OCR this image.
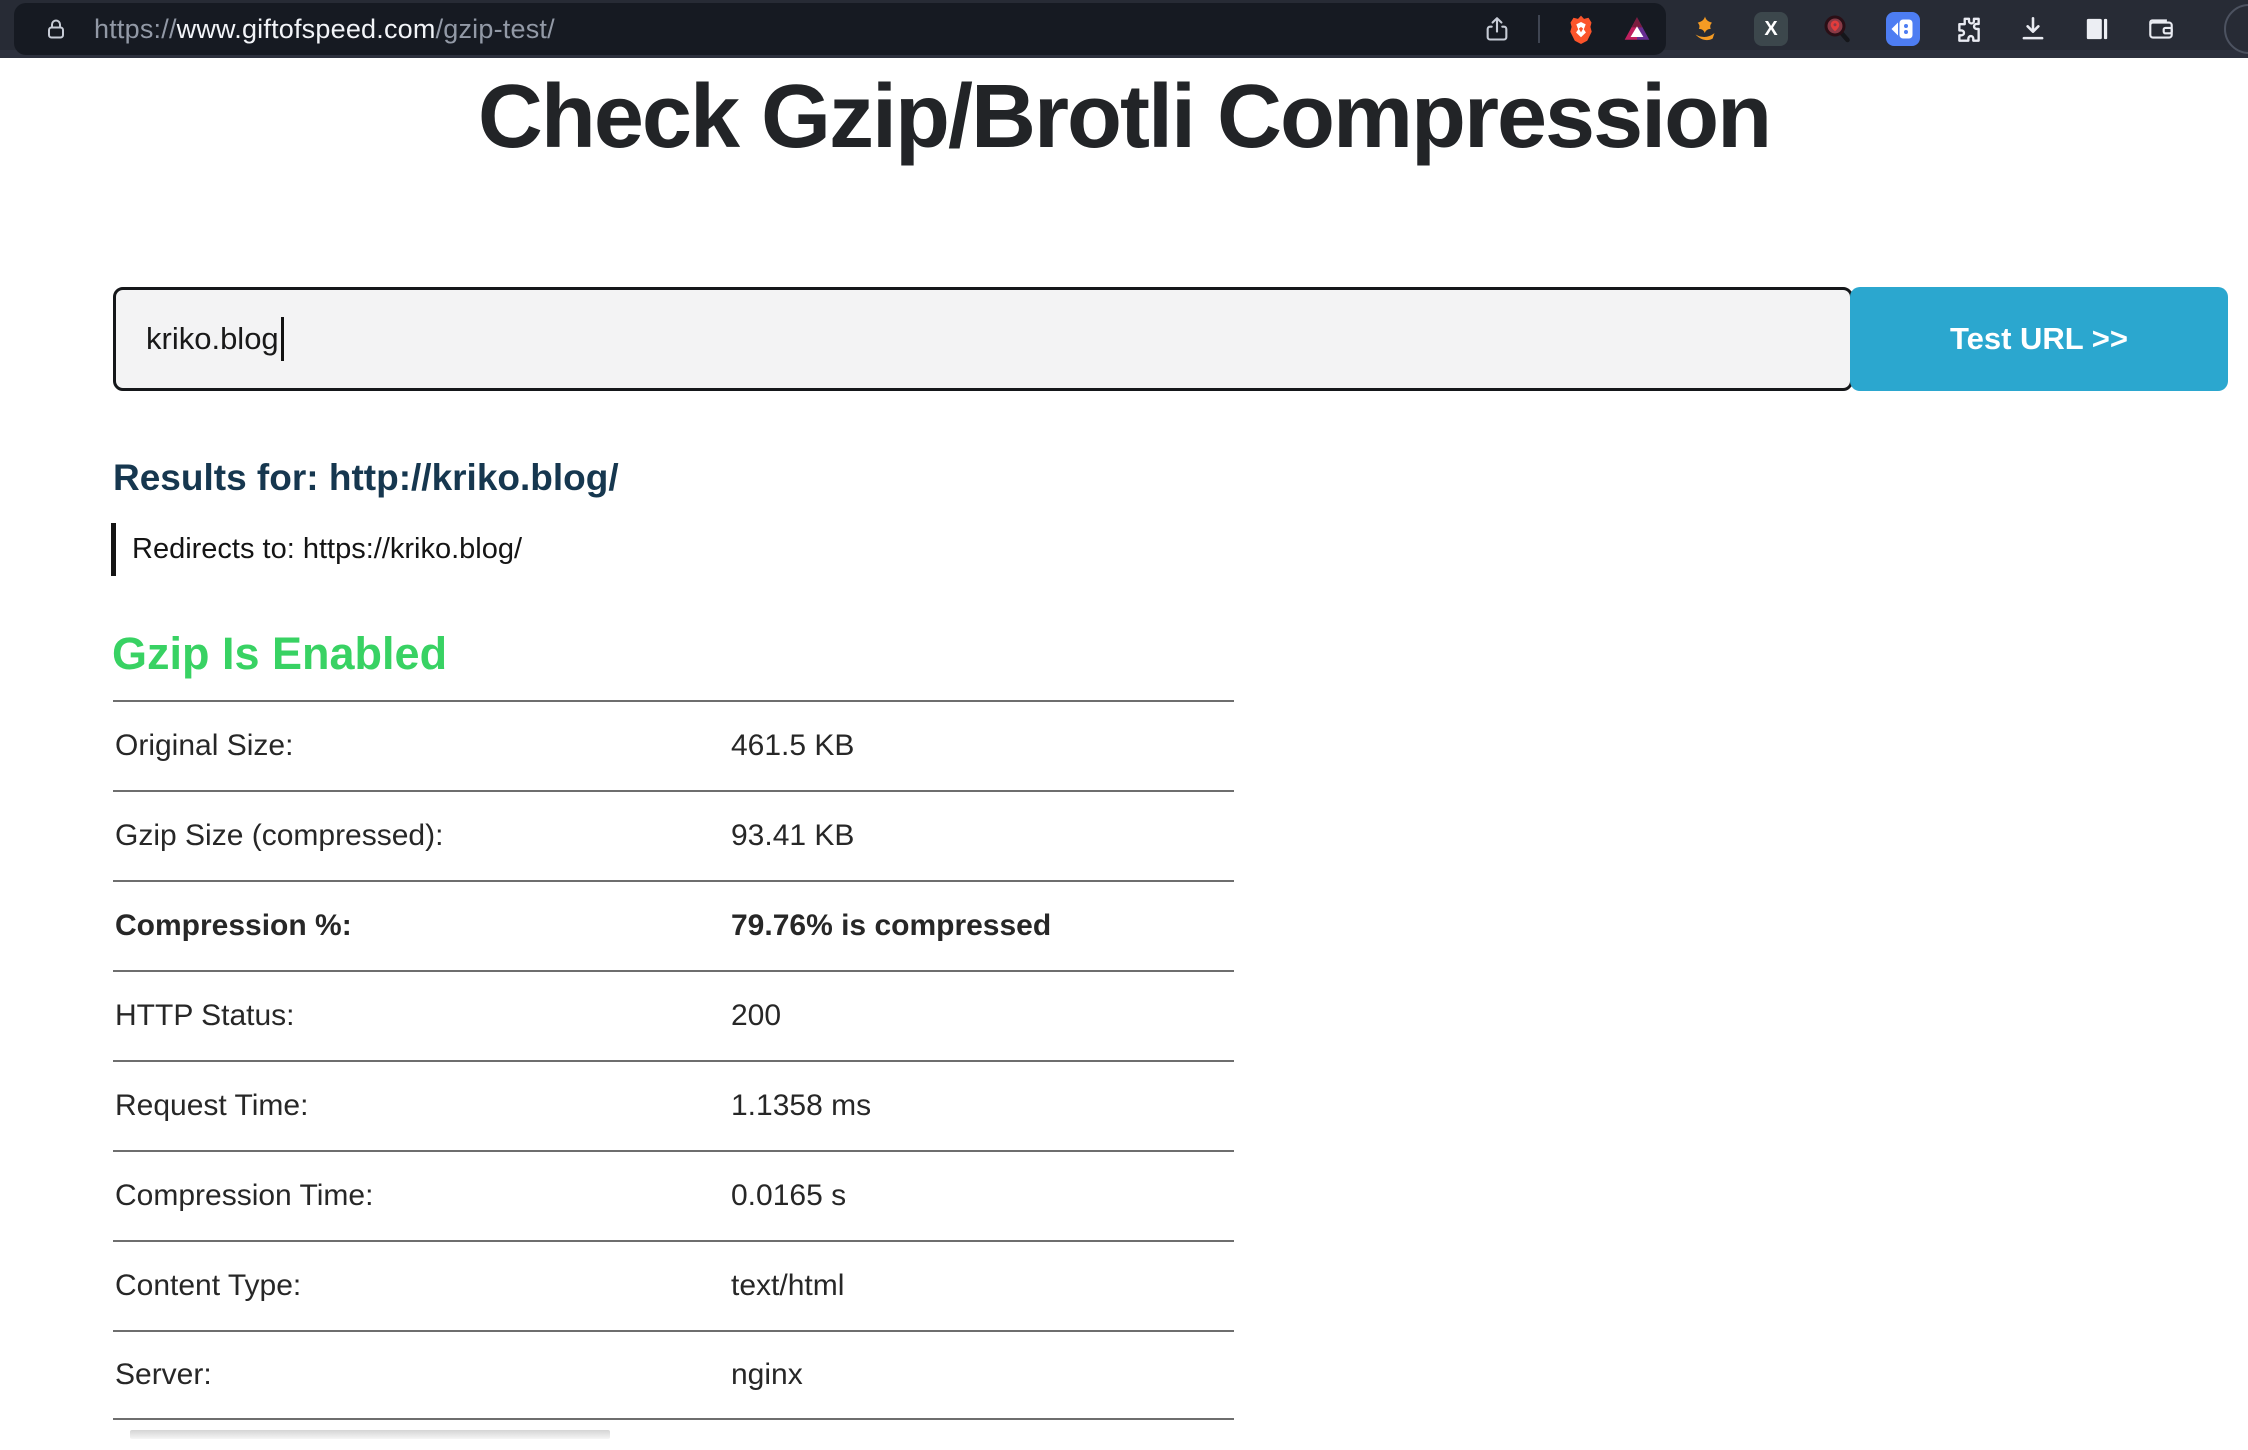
https://www.giftofspeed.com/gzip-test/	X
Check Gzip/Brotli Compression
kriko.blog	Test URL >>
Results for: http://kriko.blog/
Redirects to: https://kriko.blog/
Gzip Is Enabled
Original Size:	461.5 KB
Gzip Size (compressed):	93.41 KB
Compression %:	79.76% is compressed
HTTP Status:	200
Request Time:	1.1358 ms
Compression Time:	0.0165 s
Content Type:	text/html
Server:	nginx
